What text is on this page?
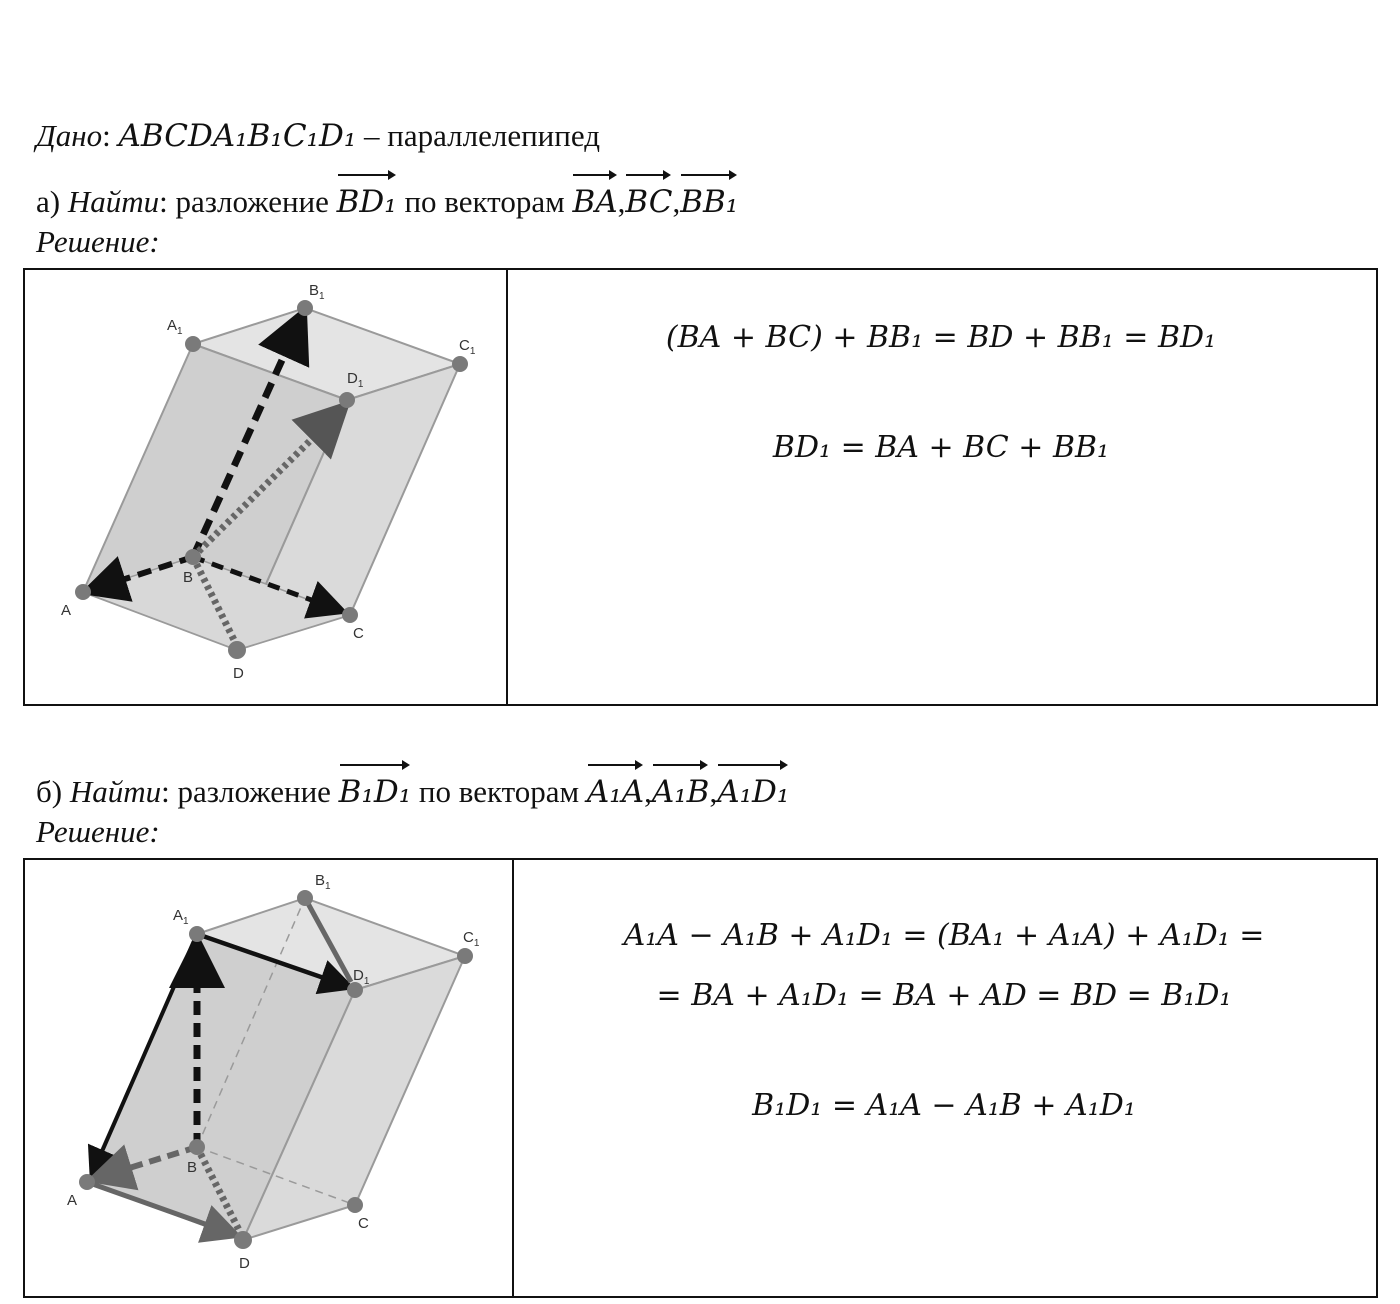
Дано: ABCDA₁B₁C₁D₁ – параллелепипед
а) Найти: разложение BD₁ по векторам BA,BC,BB₁
Решение:
A
B
C
D
$A_1$
$B_1$
$C_1$
$D_1$
(BA + BC) + BB₁ = BD + BB₁ = BD₁
BD₁ = BA + BC + BB₁
б) Найти: разложение B₁D₁ по векторам A₁A,A₁B,A₁D₁
Решение:
A
B
C
D
$A_1$
$B_1$
$C_1$
$D_1$
A₁A − A₁B + A₁D₁ = (BA₁ + A₁A) + A₁D₁ =
= BA + A₁D₁ = BA + AD = BD = B₁D₁
B₁D₁ = A₁A − A₁B + A₁D₁
